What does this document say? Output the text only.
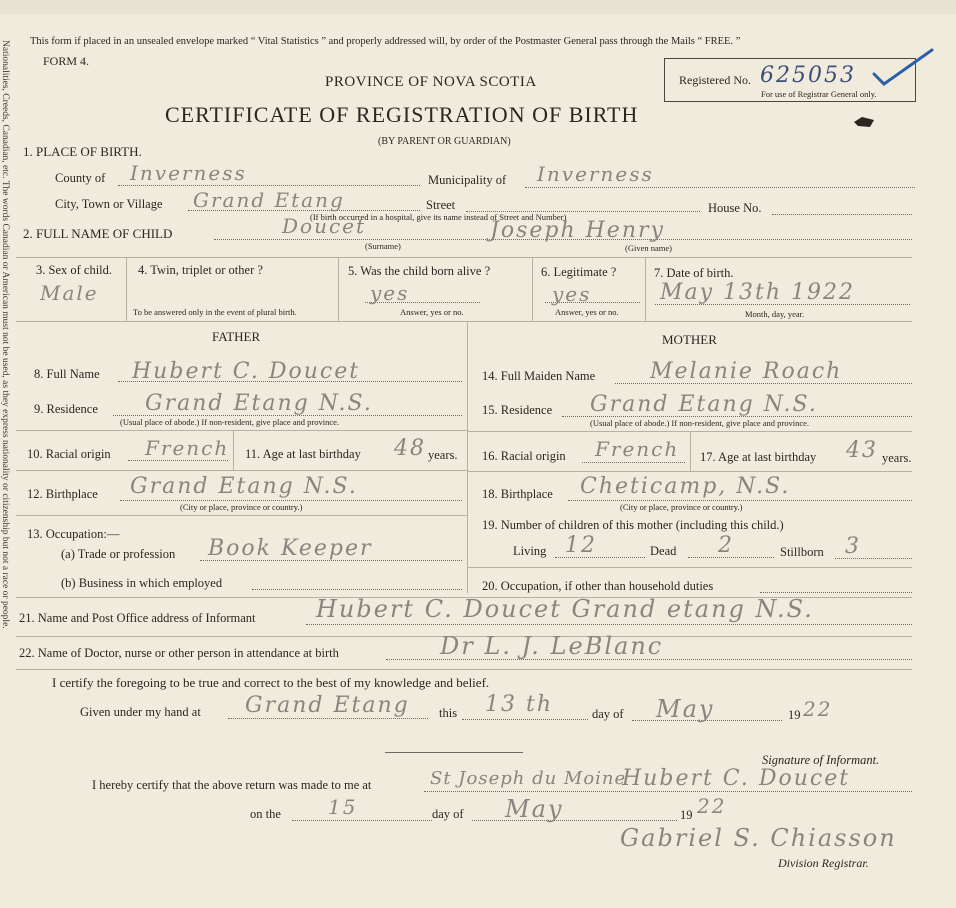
Nationalities, Creeds, Canadian, etc. The words Canadian or American must not be used, as they express nationality or citizenship but not a race or people. This form if placed in an unsealed envelope marked “ Vital Statistics ” and properly addressed will, by order of the Postmaster General pass through the Mails “ FREE. ”
FORM 4.
PROVINCE OF NOVA SCOTIA
CERTIFICATE OF REGISTRATION OF BIRTH
(BY PARENT OR GUARDIAN)
Registered No. 625053
For use of Registrar General only.
1. PLACE OF BIRTH.
County of Inverness	Municipality of Inverness
City, Town or Village Grand Etang	Street	House No.
(If birth occurred in a hospital, give its name instead of Street and Number)
2. FULL NAME OF CHILD	Doucet	Joseph Henry
(Surname)	(Given name)
3. Sex of child.
Male
4. Twin, triplet or other ?
To be answered only in the event of plural birth.
5. Was the child born alive ?
yes
Answer, yes or no.
6. Legitimate ?
yes
Answer, yes or no.
7. Date of birth.
May 13th 1922
Month, day, year.
FATHER
8. Full Name Hubert C. Doucet
9. Residence Grand Etang N.S.
(Usual place of abode.) If non-resident, give place and province.
10. Racial origin French 11. Age at last birthday 48 years.
12. Birthplace Grand Etang N.S.
(City or place, province or country.)
13. Occupation:—
(a) Trade or profession Book Keeper
(b) Business in which employed
MOTHER
14. Full Maiden Name Melanie Roach
15. Residence Grand Etang N.S.
(Usual place of abode.) If non-resident, give place and province.
16. Racial origin French 17. Age at last birthday 43 years.
18. Birthplace Cheticamp, N.S.
(City or place, province or country.)
19. Number of children of this mother (including this child.)
Living 12	Dead 2	Stillborn 3
20. Occupation, if other than household duties
21. Name and Post Office address of Informant	Hubert C. Doucet Grand etang N.S.
22. Name of Doctor, nurse or other person in attendance at birth	Dr L. J. LeBlanc
I certify the foregoing to be true and correct to the best of my knowledge and belief.
Given under my hand at Grand Etang this 13 th	day of May	19 22
Signature of Informant.
I hereby certify that the above return was made to me at	St Joseph du Moine
Hubert C. Doucet
on the 15	day of May	19 22
Gabriel S. Chiasson
Division Registrar.
